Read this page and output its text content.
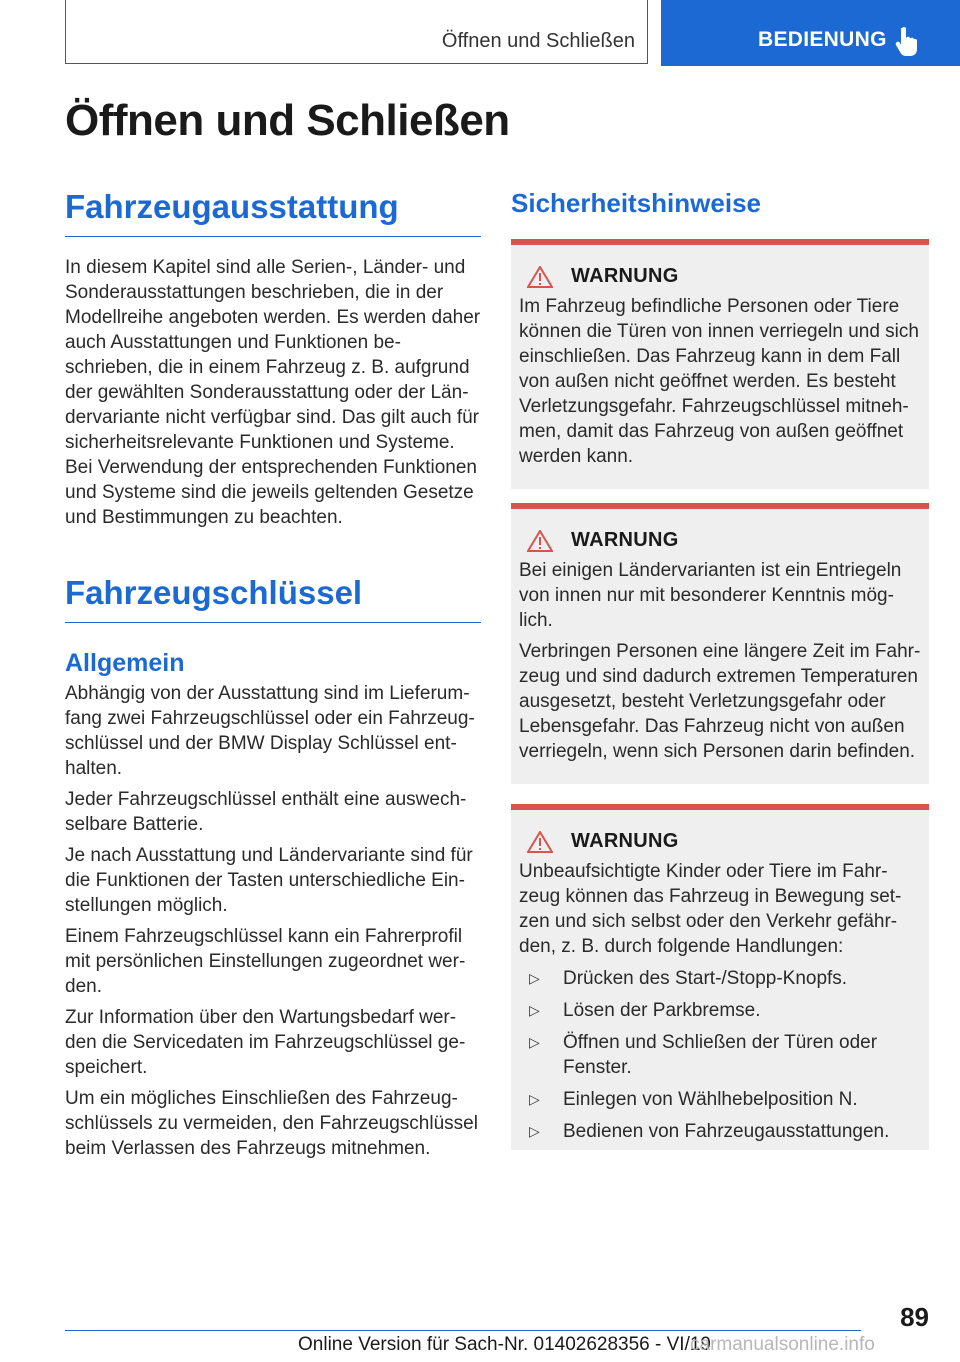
Öffnen und Schließen	BEDIENUNG
Öffnen und Schließen
Fahrzeugausstattung

In diesem Kapitel sind alle Serien-, Länder- und Sonderausstattungen beschrieben, die in der Modellreihe angeboten werden. Es werden daher auch Ausstattungen und Funktionen beschrieben, die in einem Fahrzeug z. B. aufgrund der gewählten Sonderausstattung oder der Ländervariante nicht verfügbar sind. Das gilt auch für sicherheitsrelevante Funktionen und Systeme. Bei Verwendung der entsprechenden Funktionen und Systeme sind die jeweils geltenden Gesetze und Bestimmungen zu beachten.

Fahrzeugschlüssel
Allgemein

Abhängig von der Ausstattung sind im Lieferumfang zwei Fahrzeugschlüssel oder ein Fahrzeugschlüssel und der BMW Display Schlüssel enthalten.

Jeder Fahrzeugschlüssel enthält eine auswechselbare Batterie.

Je nach Ausstattung und Ländervariante sind für die Funktionen der Tasten unterschiedliche Einstellungen möglich.

Einem Fahrzeugschlüssel kann ein Fahrerprofil mit persönlichen Einstellungen zugeordnet werden.

Zur Information über den Wartungsbedarf werden die Servicedaten im Fahrzeugschlüssel gespeichert.

Um ein mögliches Einschließen des Fahrzeugschlüssels zu vermeiden, den Fahrzeugschlüssel beim Verlassen des Fahrzeugs mitnehmen.

Sicherheitshinweise
WARNUNG

Im Fahrzeug befindliche Personen oder Tiere können die Türen von innen verriegeln und sich einschließen. Das Fahrzeug kann in dem Fall von außen nicht geöffnet werden. Es besteht Verletzungsgefahr. Fahrzeugschlüssel mitnehmen, damit das Fahrzeug von außen geöffnet werden kann.

WARNUNG

Bei einigen Ländervarianten ist ein Entriegeln von innen nur mit besonderer Kenntnis möglich.

Verbringen Personen eine längere Zeit im Fahrzeug und sind dadurch extremen Temperaturen ausgesetzt, besteht Verletzungsgefahr oder Lebensgefahr. Das Fahrzeug nicht von außen verriegeln, wenn sich Personen darin befinden.

WARNUNG

Unbeaufsichtigte Kinder oder Tiere im Fahrzeug können das Fahrzeug in Bewegung setzen und sich selbst oder den Verkehr gefährden, z. B. durch folgende Handlungen:

▷	Drücken des Start-/Stopp-Knopfs.
▷	Lösen der Parkbremse.
▷	Öffnen und Schließen der Türen oder Fenster.
▷	Einlegen von Wählhebelposition N.
▷	Bedienen von Fahrzeugausstattungen.
89
Online Version für Sach-Nr. 01402628356 - VI/19
carmanualsonline.info
